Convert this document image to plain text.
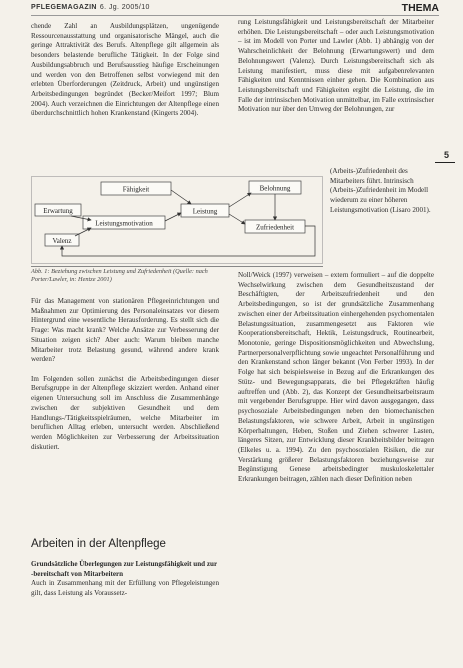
PFLEGEMAGAZIN 6. Jg. 2005/10	THEMA
5

chende Zahl an Ausbildungsplätzen, ungenügende Ressourcenausstattung und organisatorische Mängel, auch die geringe Attraktivität des Berufs. Altenpflege gilt allgemein als besonders belastende berufliche Tätigkeit. In der Folge sind Ausbildungsabbruch und Berufsausstieg häufige Erscheinungen und werden von den Betroffenen selbst vorwiegend mit den erlebten Überforderungen (Zeitdruck, Arbeit) und ungünstigen Arbeitsbedingungen begründet (Becker/Meifort 1997; Blum 2004). Auch verzeichnen die Einrichtungen der Altenpflege einen überdurchschnittlich hohen Krankenstand (Kingerts 2004).

rung Leistungsfähigkeit und Leistungsbereitschaft der Mitarbeiter erhöhen. Die Leistungsbereitschaft – oder auch Leistungsmotivation – ist im Modell von Porter und Lawler (Abb. 1) abhängig von der Wahrscheinlichkeit der Belohnung (Erwartungswert) und dem Belohnungswert (Valenz). Durch Leistungsbereitschaft sich als Leistung manifestiert, muss diese mit aufgabenrelevanten Fähigkeiten und Kenntnissen einher gehen. Die Kombination aus Leistungsbereitschaft und Fähigkeiten ergibt die Leistung, die im Falle der intrinsischen Motivation unmittelbar, im Falle extrinsischer Motivation nur über den Umweg der Belohnungen, zur

(Arbeits-)Zufriedenheit des Mitarbeiters führt. Intrinsisch (Arbeits-)Zufriedenheit im Modell wiederum zu einer höheren Leistungsmotivation (Lisaro 2001).

Fähigkeit
Erwartung
Leistungsmotivation
Valenz
Leistung
Belohnung
Zufriedenheit
Abb. 1: Beziehung zwischen Leistung und Zufriedenheit (Quelle: nach Porter/Lawler, in: Hentze 2001)

Für das Management von stationären Pflegeeinrichtungen und Maßnahmen zur Optimierung des Personaleinsatzes vor diesem Hintergrund eine wesentliche Herausforderung. Es stellt sich die Frage: Was macht krank? Welche Ansätze zur Verbesserung der Situation zeigen sich? Aber auch: Warum bleiben manche Mitarbeiter trotz Belastung gesund, während andere krank werden?

Im Folgenden sollen zunächst die Arbeitsbedingungen dieser Berufsgruppe in der Altenpflege skizziert werden. Anhand einer eigenen Untersuchung soll im Anschluss die Zusammenhänge zwischen der subjektiven Gesundheit und dem Handlungs-/Tätigkeitsspielräumen, welche Mitarbeiter im beruflichen Alltag erleben, untersucht werden. Abschließend werden Möglichkeiten zur Verbesserung der Arbeitssituation diskutiert.

Noll/Weick (1997) verweisen – extern formuliert – auf die doppelte Wechselwirkung zwischen dem Gesundheitszustand der Beschäftigten, der Arbeitszufriedenheit und den Arbeitsbedingungen, so ist der grundsätzliche Zusammenhang zwischen einer der Arbeitssituation einhergehenden psychomentalen Belastungssituation, zusammengesetzt aus Faktoren wie Kooperationsbereitschaft, Hektik, Leistungsdruck, Routinearbeit, Monotonie, geringe Dispositionsmöglichkeiten und Abwechslung, Partnerpersonalverpflichtung sowie ungeachtet Personalführung und den Krankenstand schon länger bekannt (Von Ferber 1993). In der Folge hat sich beispielsweise in Bezug auf die Erkrankungen des Stütz- und Bewegungsapparats, die bei Pflegekräften häufig auftreffen und (Abb. 2), das Konzept der Gesundheitsarbeitsraum mit vergebender Berufsgruppe. Hier wird davon ausgegangen, dass psychosoziale Arbeitsbedingungen neben den biomechanischen Belastungsfaktoren, wie schwere Arbeit, Arbeit in ungünstigen Körperhaltungen, Heben, Stoßen und Ziehen schwerer Lasten, längeres Sitzen, zur Entwicklung dieser Krankheitsbilder beitragen (Elkeles u. a. 1994). Zu den psychosozialen Risiken, die zur Verstärkung größerer Belastungsfaktoren beziehungsweise zur Begünstigung Genese arbeitsbedingter muskuloskelettaler Erkrankungen beitragen, zählen nach dieser Definition neben

Arbeiten in der Altenpflege
Grundsätzliche Überlegungen zur Leistungsfähigkeit und zur -bereitschaft von Mitarbeitern

Auch in Zusammenhang mit der Erfüllung von Pflegeleistungen gilt, dass Leistung als Voraussetz-
